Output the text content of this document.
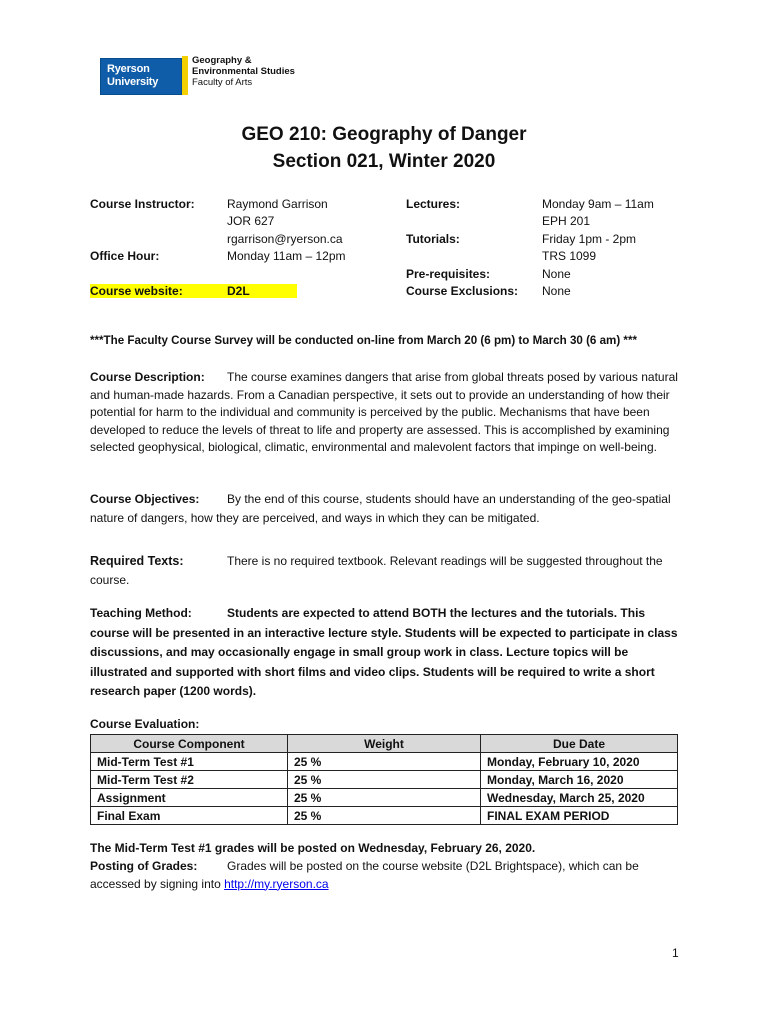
Ryerson
University
Geography &
Environmental Studies
Faculty of Arts
GEO 210: Geography of Danger
Section 021, Winter 2020
Course Instructor:	Raymond Garrison
JOR 627
rgarrison@ryerson.ca
Office Hour:	Monday 11am – 12pm
Course website:	D2L
Lectures:	Monday 9am – 11am
EPH 201
Tutorials:	Friday 1pm - 2pm
TRS 1099
Pre-requisites:	None
Course Exclusions: None
***The Faculty Course Survey will be conducted on-line from March 20 (6 pm) to March 30 (6 am) ***
Course Description: The course examines dangers that arise from global threats posed by various natural and human-made hazards. From a Canadian perspective, it sets out to provide an understanding of how their potential for harm to the individual and community is perceived by the public. Mechanisms that have been developed to reduce the levels of threat to life and property are assessed. This is accomplished by examining selected geophysical, biological, climatic, environmental and malevolent factors that impinge on well-being.
Course Objectives: By the end of this course, students should have an understanding of the geo-spatial nature of dangers, how they are perceived, and ways in which they can be mitigated.
Required Texts:	There is no required textbook. Relevant readings will be suggested throughout the course.
Teaching Method:	Students are expected to attend BOTH the lectures and the tutorials. This course will be presented in an interactive lecture style. Students will be expected to participate in class discussions, and may occasionally engage in small group work in class. Lecture topics will be illustrated and supported with short films and video clips. Students will be required to write a short research paper (1200 words).
Course Evaluation:
Course Component	Weight	Due Date
Mid-Term Test #1	25 %	Monday, February 10, 2020
Mid-Term Test #2	25 %	Monday, March 16, 2020
Assignment	25 %	Wednesday, March 25, 2020
Final Exam	25 %	FINAL EXAM PERIOD
The Mid-Term Test #1 grades will be posted on Wednesday, February 26, 2020.
Posting of Grades: Grades will be posted on the course website (D2L Brightspace), which can be accessed by signing into http://my.ryerson.ca
1
